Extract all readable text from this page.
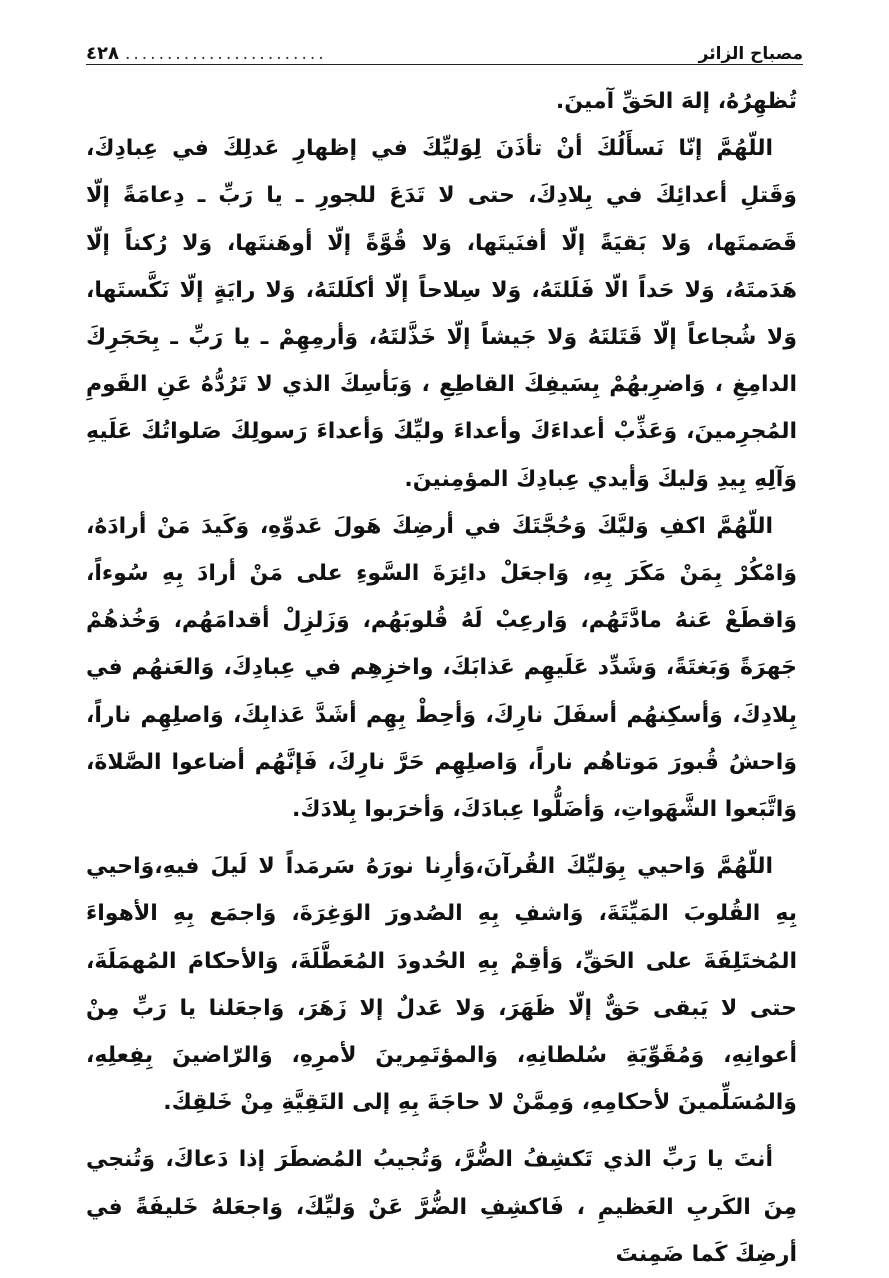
مصباح الزائر
........................
٤٢٨

تُظهِرُهُ، إلهَ الحَقِّ آمينَ.

اللّهُمَّ إنّا نَسأَلُكَ أنْ تأذَنَ لِوَليِّكَ في إظهارِ عَدلِكَ في عِبادِكَ، وَقَتلِ أعدائِكَ في بِلادِكَ، حتى لا تَدَعَ للجورِ ـ يا رَبِّ ـ دِعامَةً إلّا قَصَمتَها، وَلا بَقيَةً إلّا أفنَيتَها، وَلا قُوَّةً إلّا أوهَنتَها، وَلا رُكناً إلّا هَدَمتَهُ، وَلا حَداً الّا فَلَلتَهُ، وَلا سِلاحاً إلّا أكلَلتَهُ، وَلا رايَةٍ إلّا نَكَّستَها، وَلا شُجاعاً إلّا قَتَلتَهُ وَلا جَيشاً إلّا خَذَّلتَهُ، وَأرمِهِمْ ـ يا رَبِّ ـ بِحَجَرِكَ الدامِغِ ، وَاضرِبهُمْ بِسَيفِكَ القاطِعِ ، وَبَأسِكَ الذي لا تَرُدُّهُ عَنِ القَومِ المُجرِمينَ، وَعَذِّبْ أعداءَكَ وأعداءَ وليِّكَ وَأعداءَ رَسولِكَ صَلواتُكَ عَلَيهِ وَآلِهِ بِيدِ وَليكَ وَأيدي عِبادِكَ المؤمِنينَ.

اللّهُمَّ اكفِ وَليَّكَ وَحُجَّتَكَ في أرضِكَ هَولَ عَدوِّهِ، وَكَيدَ مَنْ أرادَهُ، وَامْكُرْ بِمَنْ مَكَرَ بِهِ، وَاجعَلْ دائِرَةَ السَّوءِ على مَنْ أرادَ بِهِ سُوءاً، وَاقطَعْ عَنهُ مادَّتَهُم، وَارعِبْ لَهُ قُلوبَهُم، وَزَلزِلْ أقدامَهُم، وَخُذهُمْ جَهرَةً وَبَغتَةً، وَشَدِّد عَلَيهِم عَذابَكَ، واخزِهِم في عِبادِكَ، وَالعَنهُم في بِلادِكَ، وَأسكِنهُم أسفَلَ نارِكَ، وَأحِطْ بِهِم أشَدَّ عَذابِكَ، وَاصلِهِم ناراً، وَاحشُ قُبورَ مَوتاهُم ناراً، وَاصلِهِم حَرَّ نارِكَ، فَإنَّهُم أضاعوا الصَّلاةَ، وَاتَّبَعوا الشَّهَواتِ، وَأضَلُّوا عِبادَكَ، وَأخرَبوا بِلادَكَ.

اللّهُمَّ وَاحيي بِوَليِّكَ القُرآنَ،وَأرِنا نورَهُ سَرمَداً لا لَيلَ فيهِ،وَاحيي بِهِ القُلوبَ المَيِّتَةَ، وَاشفِ بِهِ الصُدورَ الوَغِرَةَ، وَاجمَع بِهِ الأهواءَ المُختَلِفَةَ على الحَقِّ، وَأقِمْ بِهِ الحُدودَ المُعَطَّلَةَ، وَالأحكامَ المُهمَلَةَ، حتى لا يَبقى حَقٌّ إلّا ظَهَرَ، وَلا عَدلٌ إلا زَهَرَ، وَاجعَلنا يا رَبِّ مِنْ أعوانِهِ، وَمُقَوِّيَةِ سُلطانِهِ، وَالمؤتَمِرينَ لأمرِهِ، وَالرّاضينَ بِفِعلِهِ، وَالمُسَلِّمينَ لأحكامِهِ، وَمِمَّنْ لا حاجَةَ بِهِ إلى التَقِيَّةِ مِنْ خَلقِكَ.

أنتَ يا رَبِّ الذي تَكشِفُ الضُّرَّ، وَتُجيبُ المُضطَرَ إذا دَعاكَ، وَتُنجي مِنَ الكَربِ العَظيمِ ، فَاكشِفِ الضُّرَّ عَنْ وَليِّكَ، وَاجعَلهُ خَليفَةً في أرضِكَ كَما ضَمِنتَ
